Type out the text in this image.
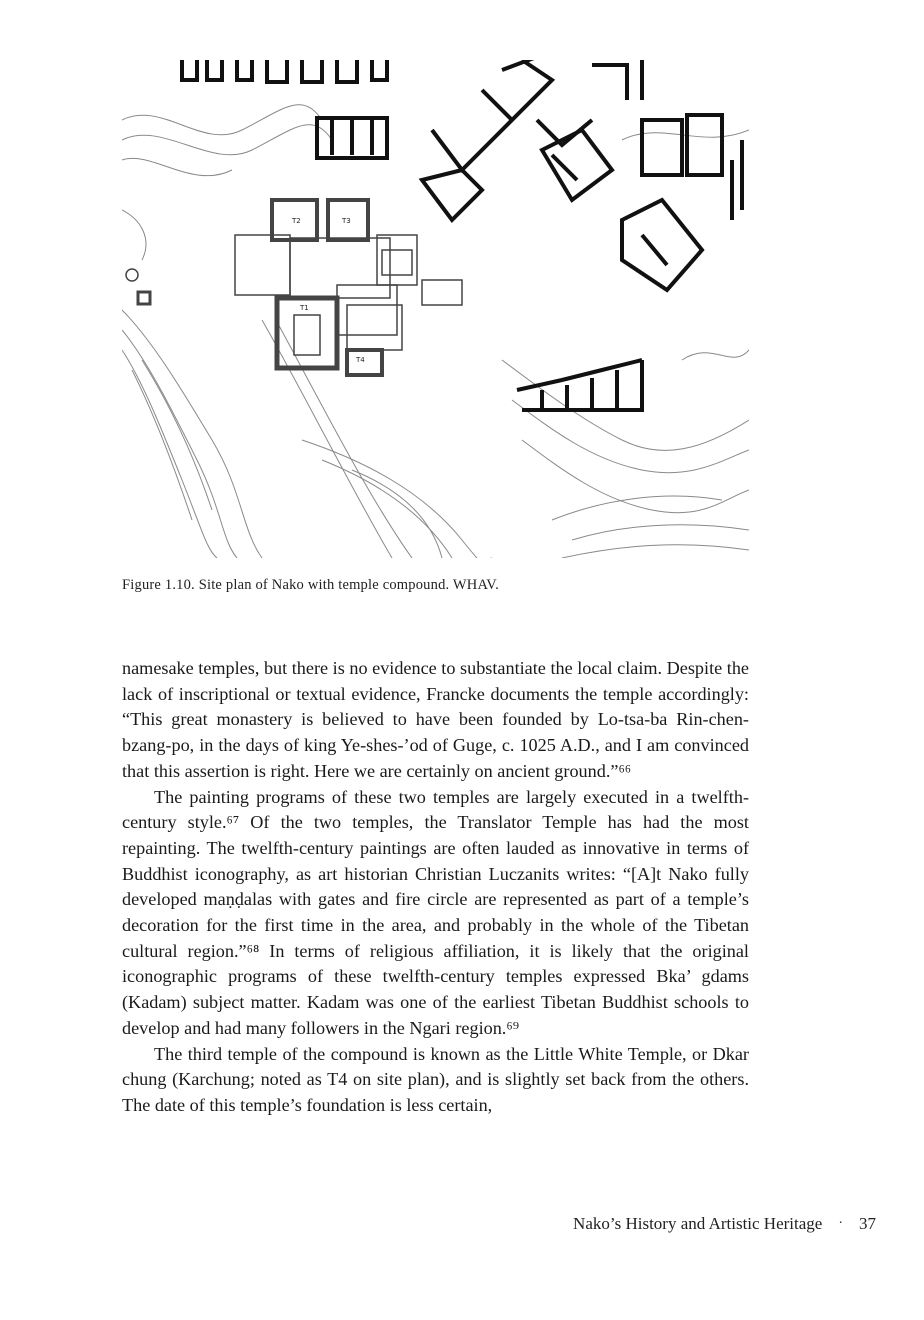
T1
T2	T3
T4

Figure 1.10. Site plan of Nako with temple compound. WHAV.

namesake temples, but there is no evidence to substantiate the local claim. Despite the lack of inscriptional or textual evidence, Francke documents the temple accordingly: “This great monastery is believed to have been founded by Lo-tsa-ba Rin-chen-bzang-po, in the days of king Ye-shes-’od of Guge, c. 1025 A.D., and I am convinced that this assertion is right. Here we are certainly on ancient ground.”⁶⁶

The painting programs of these two temples are largely executed in a twelfth-century style.⁶⁷ Of the two temples, the Translator Temple has had the most repainting. The twelfth-century paintings are often lauded as innovative in terms of Buddhist iconography, as art historian Christian Luczanits writes: “[A]t Nako fully developed maṇḍalas with gates and fire circle are represented as part of a temple’s decoration for the first time in the area, and probably in the whole of the Tibetan cultural region.”⁶⁸ In terms of religious affiliation, it is likely that the original iconographic programs of these twelfth-century temples expressed Bka’ gdams (Kadam) subject matter. Kadam was one of the earliest Tibetan Buddhist schools to develop and had many followers in the Ngari region.⁶⁹

The third temple of the compound is known as the Little White Temple, or Dkar chung (Karchung; noted as T4 on site plan), and is slightly set back from the others. The date of this temple’s foundation is less certain,

Nako’s History and Artistic Heritage · 37
